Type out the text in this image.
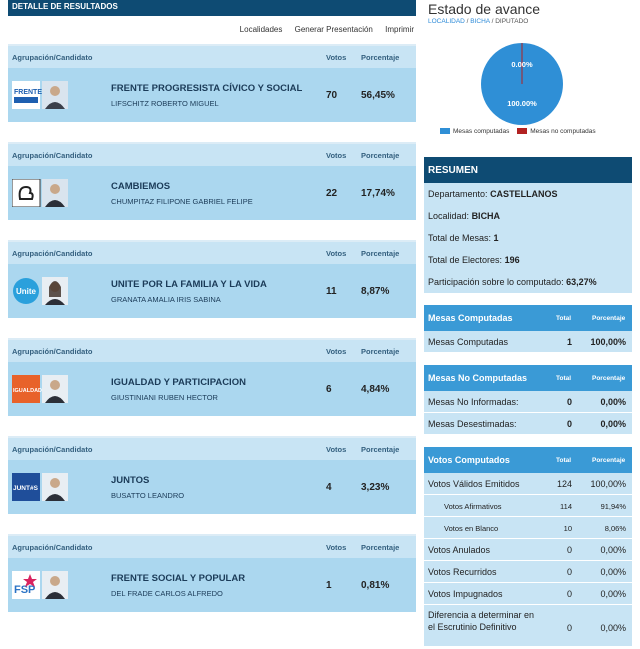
DETALLE DE RESULTADOS
Localidades Generar Presentación Imprimir
Agrupación/Candidato	Votos Porcentaje
FRENTE	FRENTE PROGRESISTA CÍVICO Y SOCIAL
LIFSCHITZ ROBERTO MIGUEL
70 56,45%
Agrupación/Candidato	Votos Porcentaje
CAMBIEMOS
CHUMPITAZ FILIPONE GABRIEL FELIPE
22 17,74%
Agrupación/Candidato	Votos Porcentaje
Unite
UNITE POR LA FAMILIA Y LA VIDA
GRANATA AMALIA IRIS SABINA
11 8,87%
Agrupación/Candidato	Votos Porcentaje
IGUALDAD
IGUALDAD Y PARTICIPACION
GIUSTINIANI RUBEN HECTOR
6	4,84%
Agrupación/Candidato	Votos Porcentaje
JUNT#S
JUNTOS
BUSATTO LEANDRO
4	3,23%
Agrupación/Candidato	Votos Porcentaje
FSP
FRENTE SOCIAL Y POPULAR
DEL FRADE CARLOS ALFREDO
1	0,81%
Estado de avance
LOCALIDAD / BICHA / DIPUTADO
0.00%
100.00%
Mesas computadas	Mesas no computadas
RESUMEN
Departamento: CASTELLANOS
Localidad: BICHA
Total de Mesas: 1
Total de Electores: 196
Participación sobre lo computado: 63,27%
Mesas Computadas	Total	Porcentaje
Mesas Computadas	1 100,00%
Mesas No Computadas	Total	Porcentaje
Mesas No Informadas:	0	0,00%
Mesas Desestimadas:	0	0,00%
Votos Computados	Total	Porcentaje
Votos Válidos Emitidos	124 100,00%
Votos Afirmativos	114	91,94%
Votos en Blanco	10	8,06%
Votos Anulados	0	0,00%
Votos Recurridos	0	0,00%
Votos Impugnados	0	0,00%
Diferencia a determinar en el Escrutinio Definitivo	0	0,00%
